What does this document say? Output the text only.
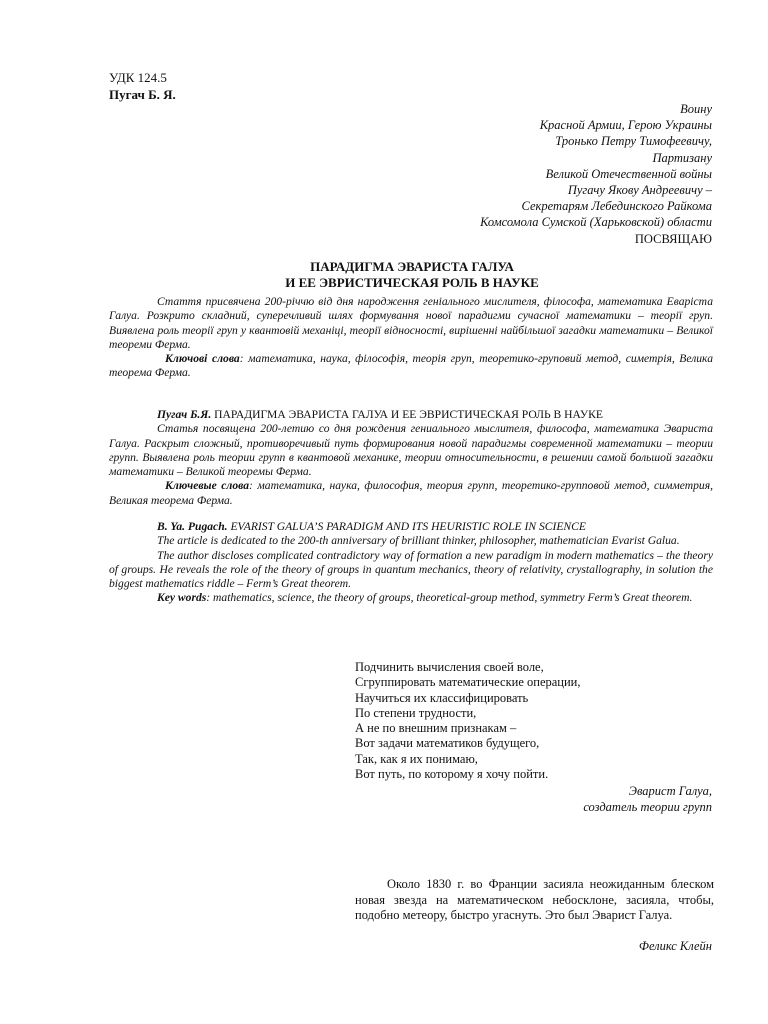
УДК 124.5
Пугач Б. Я.
Воину
Красной Армии, Герою Украины
Тронько Петру Тимофеевичу,
Партизану
Великой Отечественной войны
Пугачу Якову Андреевичу –
Секретарям Лебединского Райкома
Комсомола Сумской (Харьковской) области
ПОСВЯЩАЮ
ПАРАДИГМА ЭВАРИСТА ГАЛУА
И ЕЕ ЭВРИСТИЧЕСКАЯ РОЛЬ В НАУКЕ

Стаття присвячена 200-річчю від дня народження геніального мислителя, філософа, математика Еваріста Галуа. Розкрито складний, суперечливий шлях формування нової парадигми сучасної математики – теорії груп. Виявлена роль теорії груп у квантовій механіці, теорії відносності, вирішенні найбільшої загадки математики – Великої теореми Ферма.

Ключові слова: математика, наука, філософія, теорія груп, теоретико-груповий метод, симетрія, Велика теорема Ферма.

Пугач Б.Я. ПАРАДИГМА ЭВАРИСТА ГАЛУА И ЕЕ ЭВРИСТИЧЕСКАЯ РОЛЬ В НАУКЕ

Статья посвящена 200-летию со дня рождения гениального мыслителя, философа, математика Эвариста Галуа. Раскрыт сложный, противоречивый путь формирования новой парадигмы современной математики – теории групп. Выявлена роль теории групп в квантовой механике, теории относительности, в решении самой большой загадки математики – Великой теоремы Ферма.

Ключевые слова: математика, наука, философия, теория групп, теоретико-групповой метод, симметрия, Великая теорема Ферма.

B. Ya. Pugach. EVARIST GALUA’S PARADIGM AND ITS HEURISTIC ROLE IN SCIENCE

The article is dedicated to the 200-th anniversary of brilliant thinker, philosopher, mathematician Evarist Galua.

The author discloses complicated contradictory way of formation a new paradigm in modern mathematics – the theory of groups. He reveals the role of the theory of groups in quantum mechanics, theory of relativity, crystallography, in solution the biggest mathematics riddle – Ferm’s Great theorem.

Key words: mathematics, science, the theory of groups, theoretical-group method, symmetry Ferm’s Great theorem.

Подчинить вычисления своей воле,
Сгруппировать математические операции,
Научиться их классифицировать
По степени трудности,
А не по внешним признакам –
Вот задачи математиков будущего,
Так, как я их понимаю,
Вот путь, по которому я хочу пойти.
Эварист Галуа,
создатель теории групп

Около 1830 г. во Франции засияла неожиданным блеском новая звезда на математическом небосклоне, засияла, чтобы, подобно метеору, быстро угаснуть. Это был Эварист Галуа.

Феликс Клейн
